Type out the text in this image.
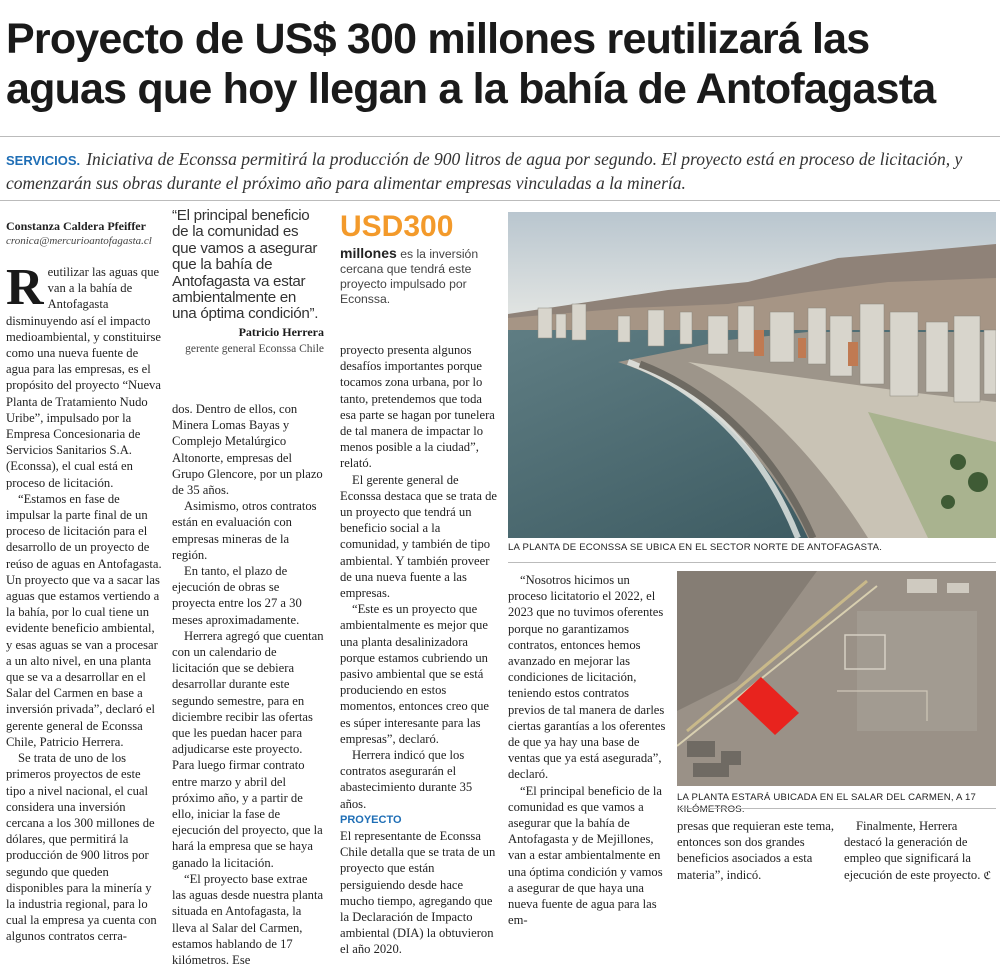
Proyecto de US$ 300 millones reutilizará las
aguas que hoy llegan a la bahía de Antofagasta
SERVICIOS. Iniciativa de Econssa permitirá la producción de 900 litros de agua por segundo. El proyecto está en proceso de licitación, y comenzarán sus obras durante el próximo año para alimentar empresas vinculadas a la minería.
Constanza Caldera Pfeiffer
cronica@mercurioantofagasta.cl

Reutilizar las aguas que van a la bahía de Antofagasta disminuyendo así el impacto medioambiental, y constituirse como una nueva fuente de agua para las empresas, es el propósito del proyecto “Nueva Planta de Tratamiento Nudo Uribe”, impulsado por la Empresa Concesionaria de Servicios Sanitarios S.A. (Econssa), el cual está en proceso de licitación.

“Estamos en fase de impulsar la parte final de un proceso de licitación para el desarrollo de un proyecto de reúso de aguas en Antofagasta. Un proyecto que va a sacar las aguas que estamos vertiendo a la bahía, por lo cual tiene un evidente beneficio ambiental, y esas aguas se van a procesar a un alto nivel, en una planta que se va a desarrollar en el Salar del Carmen en base a inversión privada”, declaró el gerente general de Econssa Chile, Patricio Herrera.

Se trata de uno de los primeros proyectos de este tipo a nivel nacional, el cual considera una inversión cercana a los 300 millones de dólares, que permitirá la producción de 900 litros por segundo que queden disponibles para la minería y la industria regional, para lo cual la empresa ya cuenta con algunos contratos cerra-

“El principal beneficio de la comunidad es que vamos a asegurar que la bahía de Antofagasta va estar ambientalmente en una óptima condición”.
Patricio Herrera
gerente general Econssa Chile

dos. Dentro de ellos, con Minera Lomas Bayas y Complejo Metalúrgico Altonorte, empresas del Grupo Glencore, por un plazo de 35 años.

Asimismo, otros contratos están en evaluación con empresas mineras de la región.

En tanto, el plazo de ejecución de obras se proyecta entre los 27 a 30 meses aproximadamente.

Herrera agregó que cuentan con un calendario de licitación que se debiera desarrollar durante este segundo semestre, para en diciembre recibir las ofertas que les puedan hacer para adjudicarse este proyecto. Para luego firmar contrato entre marzo y abril del próximo año, y a partir de ello, iniciar la fase de ejecución del proyecto, que la hará la empresa que se haya ganado la licitación.

“El proyecto base extrae las aguas desde nuestra planta situada en Antofagasta, la lleva al Salar del Carmen, estamos hablando de 17 kilómetros. Ese

USD300
millones es la inversión cercana que tendrá este proyecto impulsado por Econssa.

proyecto presenta algunos desafíos importantes porque tocamos zona urbana, por lo tanto, pretendemos que toda esa parte se hagan por tunelera de tal manera de impactar lo menos posible a la ciudad”, relató.

El gerente general de Econssa destaca que se trata de un proyecto que tendrá un beneficio social a la comunidad, y también de tipo ambiental. Y también proveer de una nueva fuente a las empresas.

“Este es un proyecto que ambientalmente es mejor que una planta desalinizadora porque estamos cubriendo un pasivo ambiental que se está produciendo en estos momentos, entonces creo que es súper interesante para las empresas”, declaró.

Herrera indicó que los contratos asegurarán el abastecimiento durante 35 años.

PROYECTO

El representante de Econssa Chile detalla que se trata de un proyecto que están persiguiendo desde hace mucho tiempo, agregando que la Declaración de Impacto ambiental (DIA) la obtuvieron el año 2020.

LA PLANTA DE ECONSSA SE UBICA EN EL SECTOR NORTE DE ANTOFAGASTA.

“Nosotros hicimos un proceso licitatorio el 2022, el 2023 que no tuvimos oferentes porque no garantizamos contratos, entonces hemos avanzado en mejorar las condiciones de licitación, teniendo estos contratos previos de tal manera de darles ciertas garantías a los oferentes de que ya hay una base de ventas que ya está asegurada”, declaró.

“El principal beneficio de la comunidad es que vamos a asegurar que la bahía de Antofagasta y de Mejillones, van a estar ambientalmente en una óptima condición y vamos a asegurar de que haya una nueva fuente de agua para las em-

LA PLANTA ESTARÁ UBICADA EN EL SALAR DEL CARMEN, A 17 KILÓMETROS.

presas que requieran este tema, entonces son dos grandes beneficios asociados a esta materia”, indicó.

Finalmente, Herrera destacó la generación de empleo que significará la ejecución de este proyecto. ℭ
